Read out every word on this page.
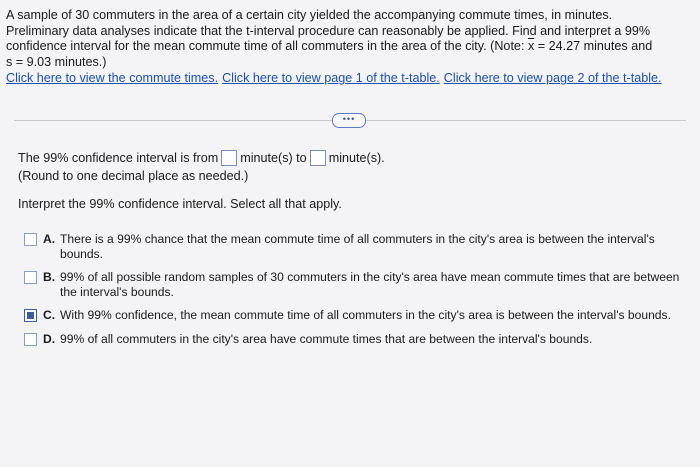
A sample of 30 commuters in the area of a certain city yielded the accompanying commute times, in minutes.

Preliminary data analyses indicate that the t-interval procedure can reasonably be applied. Find and interpret a 99%

confidence interval for the mean commute time of all commuters in the area of the city. (Note: $\overline{x} = 24.27$ minutes and

s = 9.03 minutes.)

Click here to view the commute times. Click here to view page 1 of the t-table. Click here to view page 2 of the t-table.
•••
The 99% confidence interval is from minute(s) to minute(s).
(Round to one decimal place as needed.)
Interpret the 99% confidence interval. Select all that apply.
A. There is a 99% chance that the mean commute time of all commuters in the city's area is between the interval's bounds.
B. 99% of all possible random samples of 30 commuters in the city's area have mean commute times that are between the interval's bounds.
C. With 99% confidence, the mean commute time of all commuters in the city's area is between the interval's bounds.
D. 99% of all commuters in the city's area have commute times that are between the interval's bounds.
